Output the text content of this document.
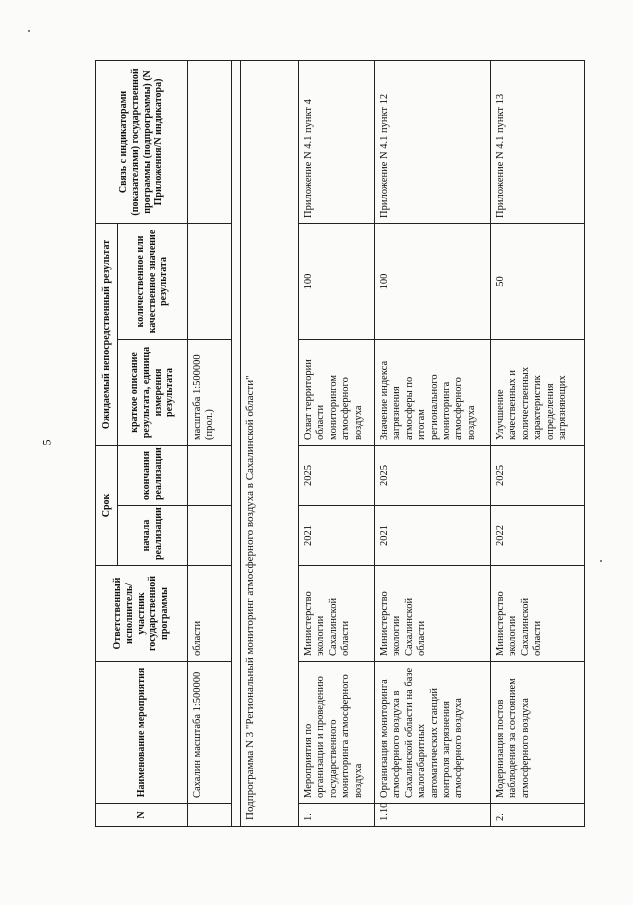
5
N	Наименование мероприятия	Ответственный исполнитель/ участник государственной программы	Срок		Ожидаемый непосредственный результат		Связь с индикаторами (показателями) государственной программы (подпрограммы) (N Приложения/N индикатора)
			начала реализации	окончания реализации	краткое описание результата, единица измерения результата	количественное или качественное значение результата	
	Сахалин масштаба 1:500000	области			масштаба 1:500000 (прол.)		

Подпрограмма N 3 "Региональный мониторинг атмосферного воздуха в Сахалинской области"							
1.	Мероприятия по организации и проведению государственного мониторинга атмосферного воздуха	Министерство экологии Сахалинской области	2021	2025	Охват территории области мониторингом атмосферного воздуха	100	Приложение N 4.1 пункт 4
1.10	Организация мониторинга атмосферного воздуха в Сахалинской области на базе малогабаритных автоматических станций контроля загрязнения атмосферного воздуха	Министерство экологии Сахалинской области	2021	2025	Значение индекса загрязнения атмосферы по итогам регионального мониторинга атмосферного воздуха	100	Приложение N 4.1 пункт 12
2.	Модернизация постов наблюдения за состоянием атмосферного воздуха	Министерство экологии Сахалинской области	2022	2025	Улучшение качественных и количественных характеристик определения загрязняющих	50	Приложение N 4.1 пункт 13
